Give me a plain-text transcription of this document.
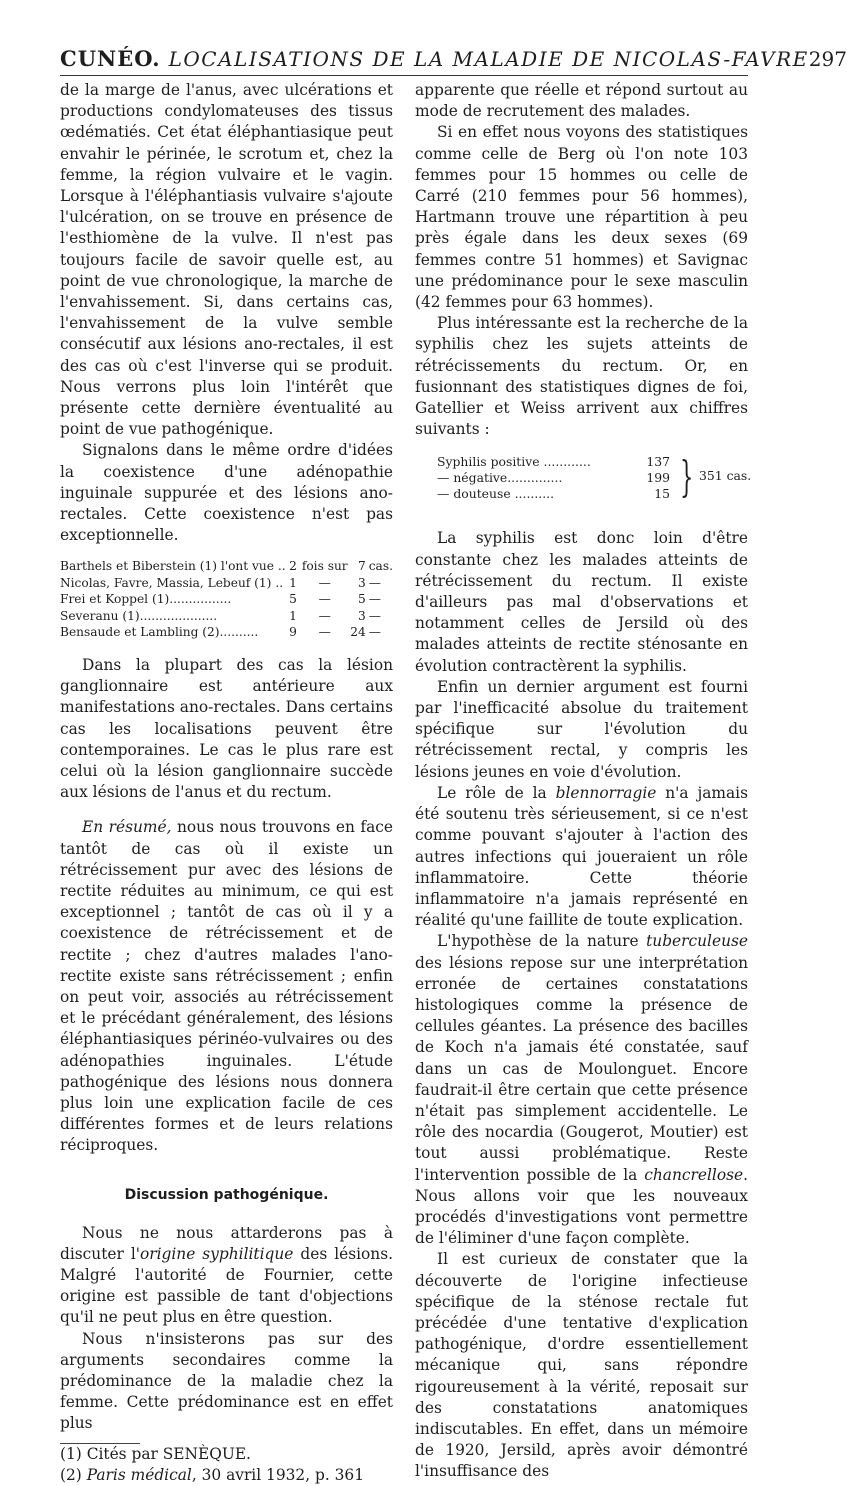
CUNÉO. LOCALISATIONS DE LA MALADIE DE NICOLAS-FAVRE 297

de la marge de l'anus, avec ulcérations et productions condylomateuses des tissus œdématiés. Cet état éléphantiasique peut envahir le périnée, le scrotum et, chez la femme, la région vulvaire et le vagin. Lorsque à l'éléphantiasis vulvaire s'ajoute l'ulcération, on se trouve en présence de l'esthiomène de la vulve. Il n'est pas toujours facile de savoir quelle est, au point de vue chronologique, la marche de l'envahissement. Si, dans certains cas, l'envahissement de la vulve semble consécutif aux lésions ano-rectales, il est des cas où c'est l'inverse qui se produit. Nous verrons plus loin l'intérêt que présente cette dernière éventualité au point de vue pathogénique.

Signalons dans le même ordre d'idées la coexistence d'une adénopathie inguinale suppurée et des lésions ano-rectales. Cette coexistence n'est pas exceptionnelle.

Barthels et Biberstein (1) l'ont vue ..	2	fois sur	7	cas.
Nicolas, Favre, Massia, Lebeuf (1) ..	1	—	3	—
Frei et Koppel (1)................	5	—	5	—
Severanu (1)....................	1	—	3	—
Bensaude et Lambling (2)..........	9	—	24	—

Dans la plupart des cas la lésion ganglionnaire est antérieure aux manifestations ano-rectales. Dans certains cas les localisations peuvent être contemporaines. Le cas le plus rare est celui où la lésion ganglionnaire succède aux lésions de l'anus et du rectum.

En résumé, nous nous trouvons en face tantôt de cas où il existe un rétrécissement pur avec des lésions de rectite réduites au minimum, ce qui est exceptionnel ; tantôt de cas où il y a coexistence de rétrécissement et de rectite ; chez d'autres malades l'ano-rectite existe sans rétrécissement ; enfin on peut voir, associés au rétrécissement et le précédant généralement, des lésions éléphantiasiques périnéo-vulvaires ou des adénopathies inguinales. L'étude pathogénique des lésions nous donnera plus loin une explication facile de ces différentes formes et de leurs relations réciproques.

Discussion pathogénique.

Nous ne nous attarderons pas à discuter l'origine syphilitique des lésions. Malgré l'autorité de Fournier, cette origine est passible de tant d'objections qu'il ne peut plus en être question.

Nous n'insisterons pas sur des arguments secondaires comme la prédominance de la maladie chez la femme. Cette prédominance est en effet plus

(1) Cités par SENÈQUE.

(2) Paris médical, 30 avril 1932, p. 361

apparente que réelle et répond surtout au mode de recrutement des malades.

Si en effet nous voyons des statistiques comme celle de Berg où l'on note 103 femmes pour 15 hommes ou celle de Carré (210 femmes pour 56 hommes), Hartmann trouve une répartition à peu près égale dans les deux sexes (69 femmes contre 51 hommes) et Savignac une prédominance pour le sexe masculin (42 femmes pour 63 hommes).

Plus intéressante est la recherche de la syphilis chez les sujets atteints de rétrécissements du rectum. Or, en fusionnant des statistiques dignes de foi, Gatellier et Weiss arrivent aux chiffres suivants :

Syphilis positive ............	137
— négative..............	199
— douteuse ..........	15 } 351 cas.

La syphilis est donc loin d'être constante chez les malades atteints de rétrécissement du rectum. Il existe d'ailleurs pas mal d'observations et notamment celles de Jersild où des malades atteints de rectite sténosante en évolution contractèrent la syphilis.

Enfin un dernier argument est fourni par l'inefficacité absolue du traitement spécifique sur l'évolution du rétrécissement rectal, y compris les lésions jeunes en voie d'évolution.

Le rôle de la blennorragie n'a jamais été soutenu très sérieusement, si ce n'est comme pouvant s'ajouter à l'action des autres infections qui joueraient un rôle inflammatoire. Cette théorie inflammatoire n'a jamais représenté en réalité qu'une faillite de toute explication.

L'hypothèse de la nature tuberculeuse des lésions repose sur une interprétation erronée de certaines constatations histologiques comme la présence de cellules géantes. La présence des bacilles de Koch n'a jamais été constatée, sauf dans un cas de Moulonguet. Encore faudrait-il être certain que cette présence n'était pas simplement accidentelle. Le rôle des nocardia (Gougerot, Moutier) est tout aussi problématique. Reste l'intervention possible de la chancrellose. Nous allons voir que les nouveaux procédés d'investigations vont permettre de l'éliminer d'une façon complète.

Il est curieux de constater que la découverte de l'origine infectieuse spécifique de la sténose rectale fut précédée d'une tentative d'explication pathogénique, d'ordre essentiellement mécanique qui, sans répondre rigoureusement à la vérité, reposait sur des constatations anatomiques indiscutables. En effet, dans un mémoire de 1920, Jersild, après avoir démontré l'insuffisance des
